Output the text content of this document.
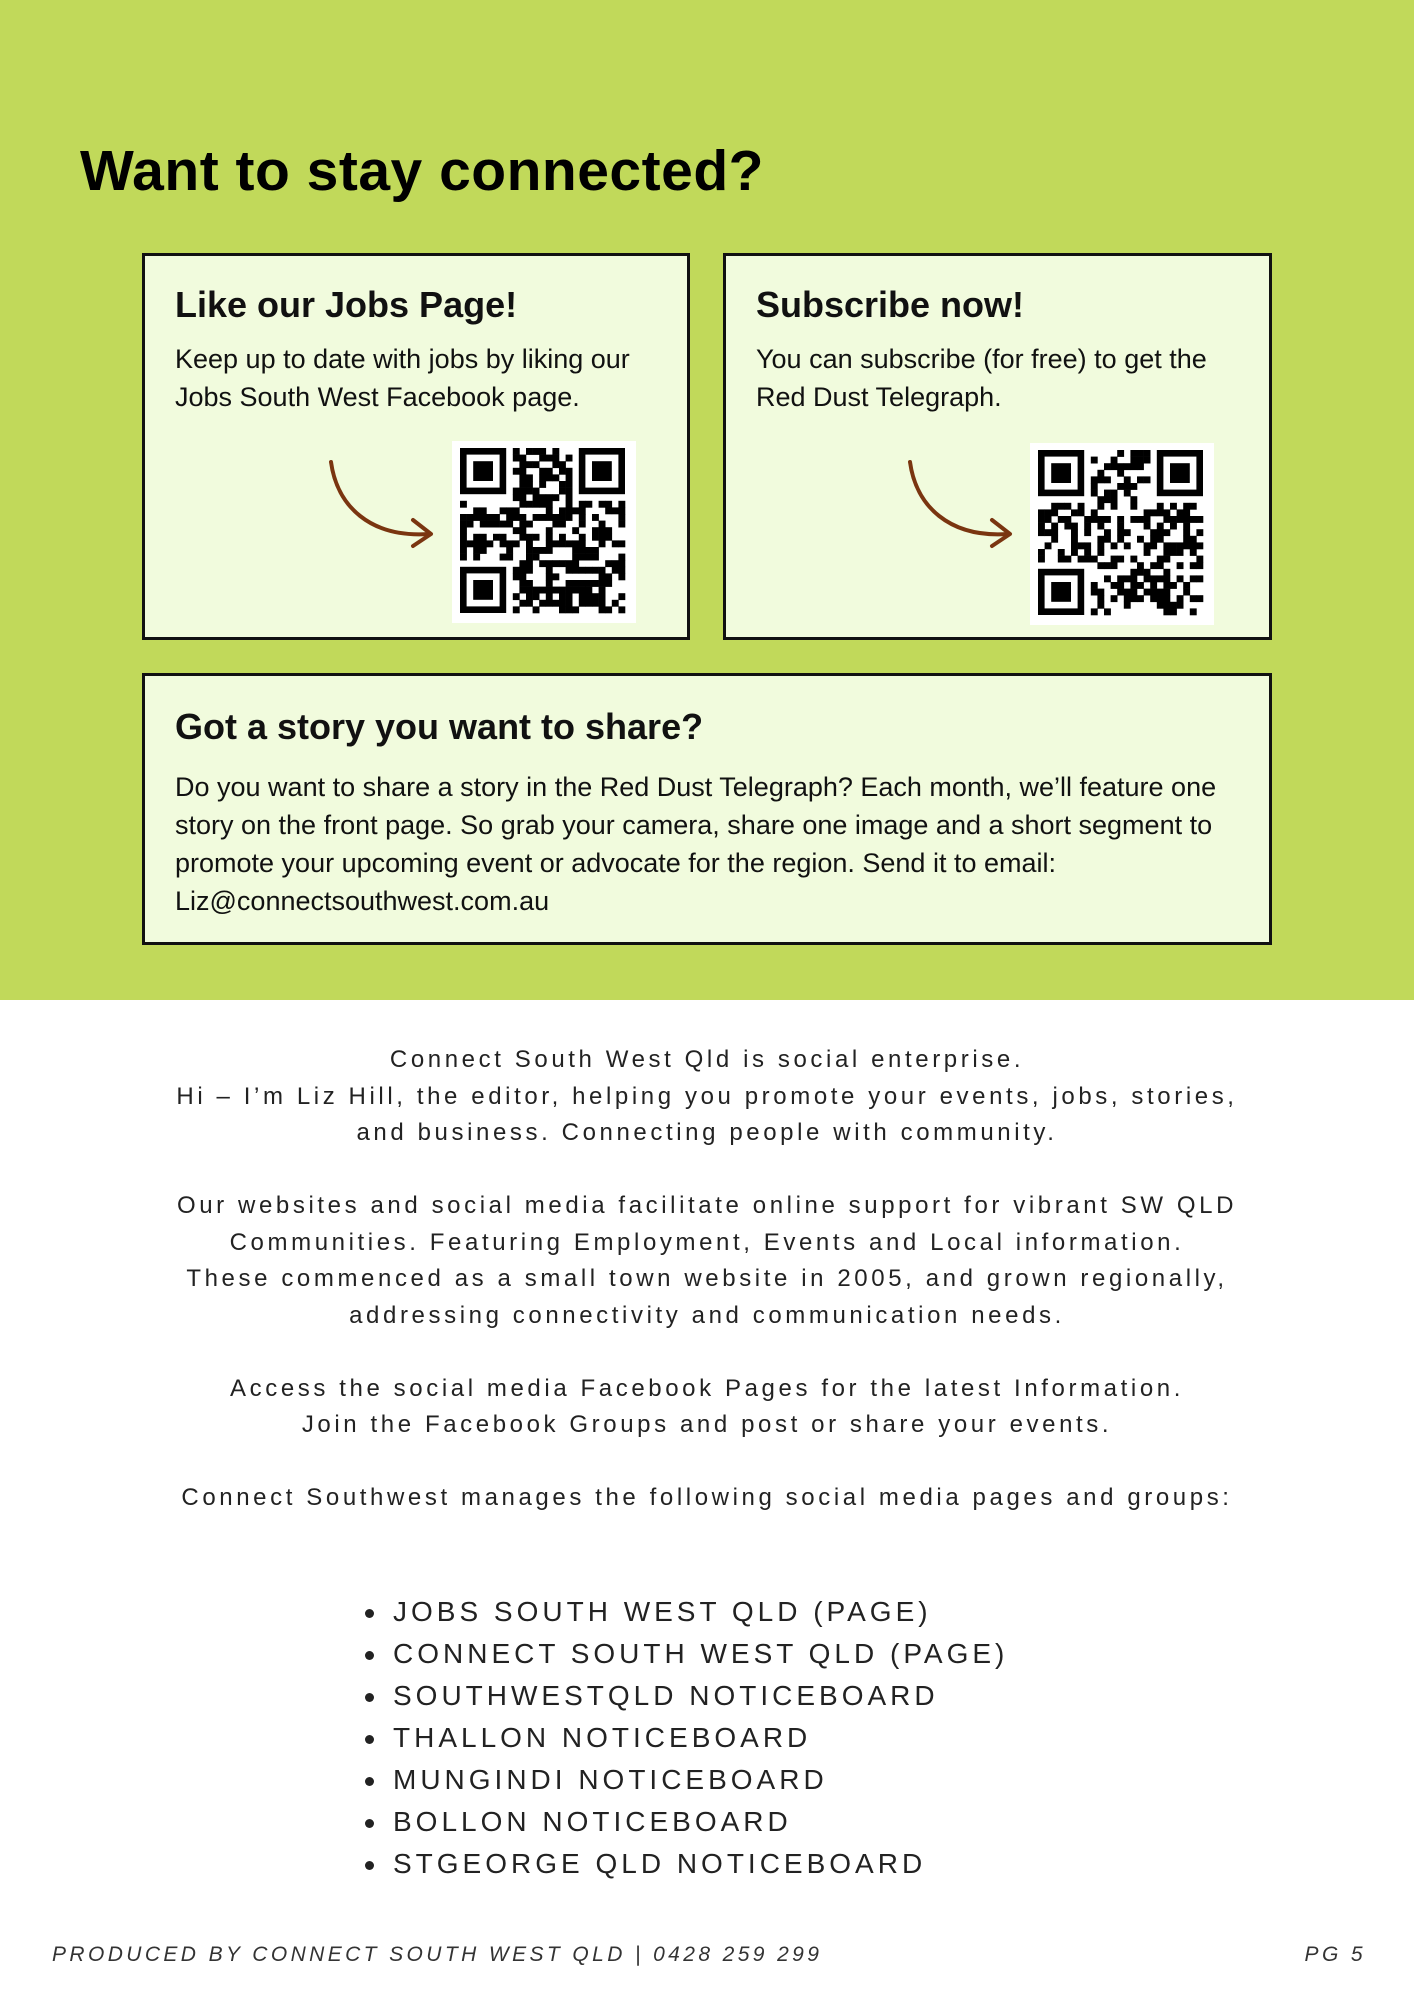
Want to stay connected?
Like our Jobs Page!

Keep up to date with jobs by liking our Jobs South West Facebook page.

Subscribe now!

You can subscribe (for free) to get the Red Dust Telegraph.

Got a story you want to share?

Do you want to share a story in the Red Dust Telegraph? Each month, we’ll feature one story on the front page. So grab your camera, share one image and a short segment to promote your upcoming event or advocate for the region. Send it to email: Liz@connectsouthwest.com.au

Connect South West Qld is social enterprise.

Hi – I’m Liz Hill, the editor, helping you promote your events, jobs, stories,

and business. Connecting people with community.

Our websites and social media facilitate online support for vibrant SW QLD

Communities. Featuring Employment, Events and Local information.

These commenced as a small town website in 2005, and grown regionally,

addressing connectivity and communication needs.

Access the social media Facebook Pages for the latest Information.

Join the Facebook Groups and post or share your events.

Connect Southwest manages the following social media pages and groups:

JOBS SOUTH WEST QLD (PAGE)
CONNECT SOUTH WEST QLD (PAGE)
SOUTHWESTQLD NOTICEBOARD
THALLON NOTICEBOARD
MUNGINDI NOTICEBOARD
BOLLON NOTICEBOARD
STGEORGE QLD NOTICEBOARD
PRODUCED BY CONNECT SOUTH WEST QLD | 0428 259 299	PG 5
